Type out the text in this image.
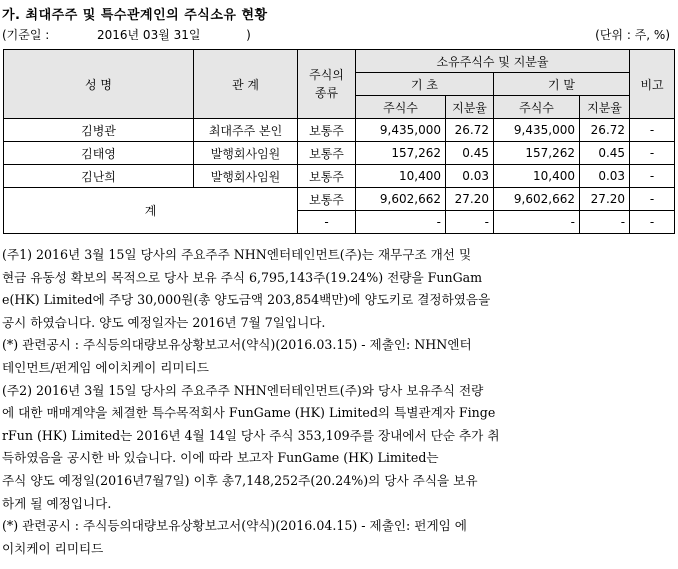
가. 최대주주 및 특수관계인의 주식소유 현황
(기준일 :	2016년 03월 31일	)	(단위 : 주, %)
성 명	관 계	주식의 종류	소유주식수 및 지분율				비고
			기 초		기 말		
			주식수	지분율	주식수	지분율	
김병관	최대주주 본인	보통주	9,435,000	26.72	9,435,000	26.72	-
김태영	발행회사임원	보통주	157,262	0.45	157,262	0.45	-
김난희	발행회사임원	보통주	10,400	0.03	10,400	0.03	-
계		보통주	9,602,662	27.20	9,602,662	27.20	-
		-	-	-	-	-	-
(주1) 2016년 3월 15일 당사의 주요주주 NHN엔터테인먼트(주)는 재무구조 개선 및
현금 유동성 확보의 목적으로 당사 보유 주식 6,795,143주(19.24%) 전량을 FunGam
e(HK) Limited에 주당 30,000원(총 양도금액 203,854백만)에 양도키로 결정하였음을
공시 하였습니다. 양도 예정일자는 2016년 7월 7일입니다.
(*) 관련공시 : 주식등의대량보유상황보고서(약식)(2016.03.15) - 제출인: NHN엔터
테인먼트/펀게임 에이치케이 리미티드
(주2) 2016년 3월 15일 당사의 주요주주 NHN엔터테인먼트(주)와 당사 보유주식 전량
에 대한 매매계약을 체결한 특수목적회사 FunGame (HK) Limited의 특별관계자 Finge
rFun (HK) Limited는 2016년 4월 14일 당사 주식 353,109주를 장내에서 단순 추가 취
득하였음을 공시한 바 있습니다. 이에 따라 보고자 FunGame (HK) Limited는
주식 양도 예정일(2016년7월7일) 이후 총7,148,252주(20.24%)의 당사 주식을 보유
하게 될 예정입니다.
(*) 관련공시 : 주식등의대량보유상황보고서(약식)(2016.04.15) - 제출인: 펀게임 에
이치케이 리미티드
